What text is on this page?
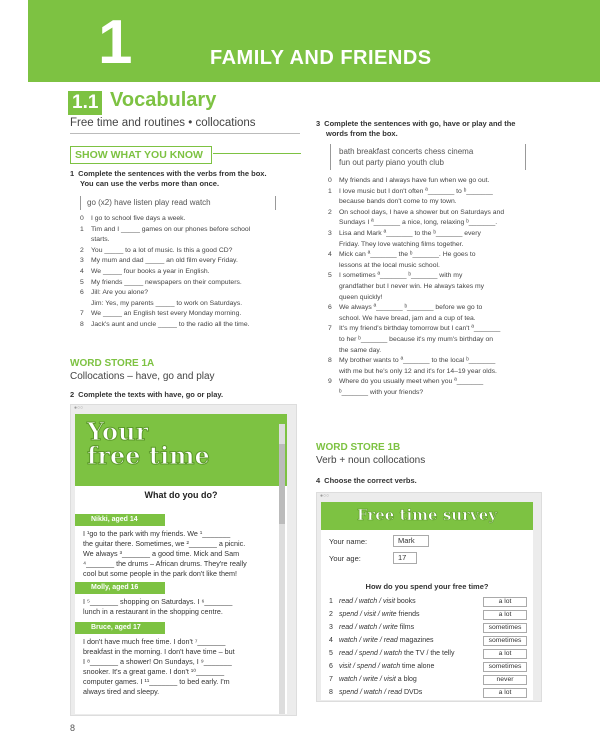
1	FAMILY AND FRIENDS
1.1 Vocabulary
Free time and routines • collocations
SHOW WHAT YOU KNOW
1 Complete the sentences with the verbs from the box.
You can use the verbs more than once.
go (x2) have listen play read watch
0 I go to school five days a week.
1 Tim and I _____ games on our phones before school
starts.
2 You _____ to a lot of music. Is this a good CD?
3 My mum and dad _____ an old film every Friday.
4 We _____ four books a year in English.
5 My friends _____ newspapers on their computers.
6 Jill: Are you alone?
Jim: Yes, my parents _____ to work on Saturdays.
7 We _____ an English test every Monday morning.
8 Jack's aunt and uncle _____ to the radio all the time.
WORD STORE 1A
Collocations – have, go and play
2 Complete the texts with have, go or play.
●○○
Your
free time
What do you do?
Nikki, aged 14
I ¹go to the park with my friends. We ¹_______
the guitar there. Sometimes, we ²_______ a picnic.
We always ³_______ a good time. Mick and Sam
⁴_______ the drums – African drums. They're really
cool but some people in the park don't like them!
Molly, aged 16
I ⁵_______ shopping on Saturdays. I ⁶_______
lunch in a restaurant in the shopping centre.
Bruce, aged 17
I don't have much free time. I don't ⁷_______
breakfast in the morning. I don't have time – but
I ⁸_______ a shower! On Sundays, I ⁹_______
snooker. It's a great game. I don't ¹⁰_______
computer games. I ¹¹_______ to bed early. I'm
always tired and sleepy.
3 Complete the sentences with go, have or play and the
words from the box.
bath breakfast concerts chess cinema
fun out party piano youth club
0 My friends and I always have fun when we go out.
1 I love music but I don't often ª_______ to ᵇ_______
because bands don't come to my town.
2 On school days, I have a shower but on Saturdays and
Sundays I ª_______ a nice, long, relaxing ᵇ_______.
3 Lisa and Mark ª_______ to the ᵇ_______ every
Friday. They love watching films together.
4 Mick can ª_______ the ᵇ_______. He goes to
lessons at the local music school.
5 I sometimes ª_______ ᵇ_______ with my
grandfather but I never win. He always takes my
queen quickly!
6 We always ª_______ ᵇ_______ before we go to
school. We have bread, jam and a cup of tea.
7 It's my friend's birthday tomorrow but I can't ª_______
to her ᵇ_______ because it's my mum's birthday on
the same day.
8 My brother wants to ª_______ to the local ᵇ_______
with me but he's only 12 and it's for 14–19 year olds.
9 Where do you usually meet when you ª_______
ᵇ_______ with your friends?
WORD STORE 1B
Verb + noun collocations
4 Choose the correct verbs.
●○○
Free time survey
Your name:	Mark
Your age:	17
How do you spend your free time?
1 read / watch / visit books	a lot
2 spend / visit / write friends	a lot
3 read / watch / write films	sometimes
4 watch / write / read magazines	sometimes
5 read / spend / watch the TV / the telly	a lot
6 visit / spend / watch time alone	sometimes
7 watch / write / visit a blog	never
8 spend / watch / read DVDs	a lot
8
